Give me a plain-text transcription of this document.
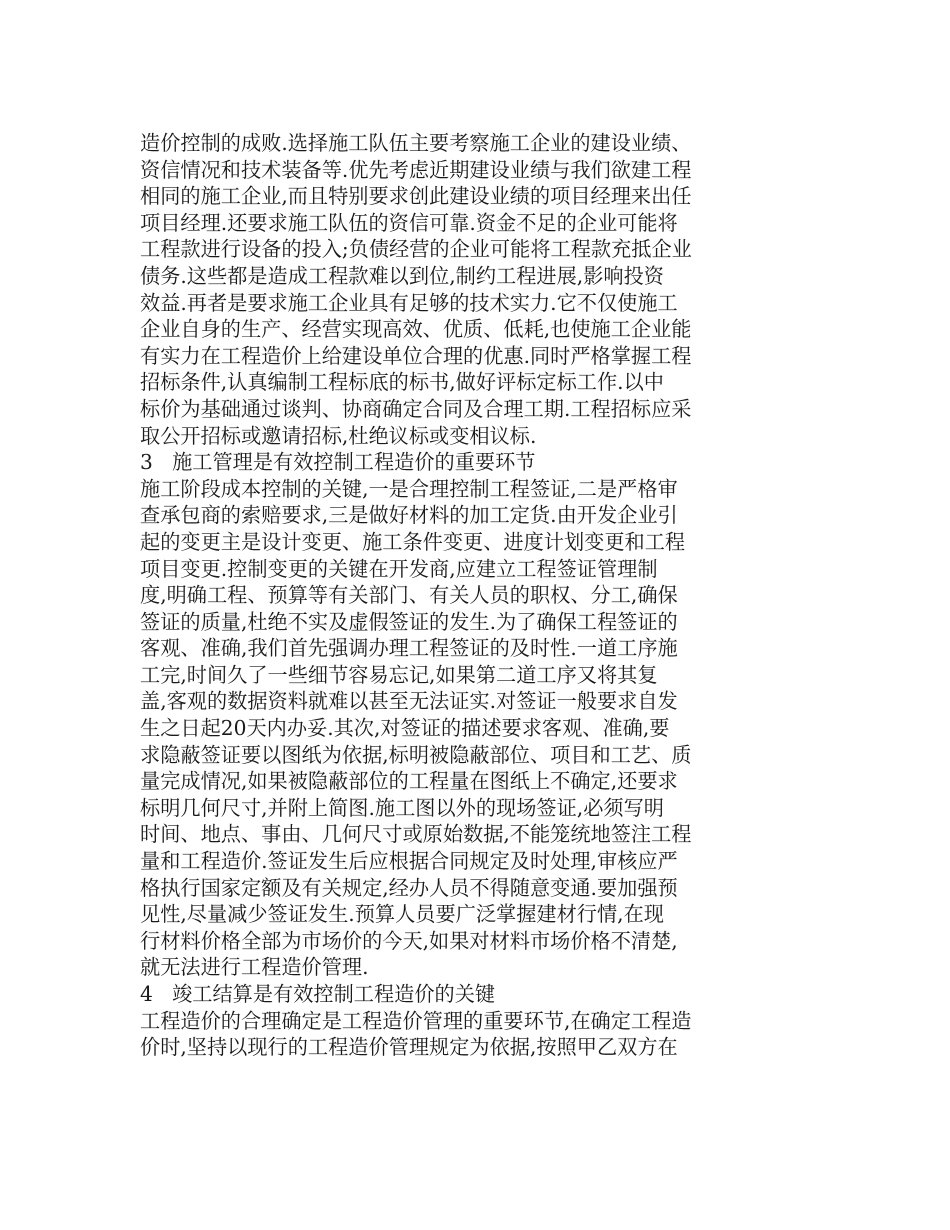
造价控制的成败.选择施工队伍主要考察施工企业的建设业绩、
资信情况和技术装备等.优先考虑近期建设业绩与我们欲建工程
相同的施工企业,而且特别要求创此建设业绩的项目经理来出任
项目经理.还要求施工队伍的资信可靠.资金不足的企业可能将
工程款进行设备的投入;负债经营的企业可能将工程款充抵企业
债务.这些都是造成工程款难以到位,制约工程进展,影响投资
效益.再者是要求施工企业具有足够的技术实力.它不仅使施工
企业自身的生产、经营实现高效、优质、低耗,也使施工企业能
有实力在工程造价上给建设单位合理的优惠.同时严格掌握工程
招标条件,认真编制工程标底的标书,做好评标定标工作.以中
标价为基础通过谈判、协商确定合同及合理工期.工程招标应采
取公开招标或邀请招标,杜绝议标或变相议标.
3   施工管理是有效控制工程造价的重要环节
施工阶段成本控制的关键,一是合理控制工程签证,二是严格审
查承包商的索赔要求,三是做好材料的加工定货.由开发企业引
起的变更主是设计变更、施工条件变更、进度计划变更和工程
项目变更.控制变更的关键在开发商,应建立工程签证管理制
度,明确工程、预算等有关部门、有关人员的职权、分工,确保
签证的质量,杜绝不实及虚假签证的发生.为了确保工程签证的
客观、准确,我们首先强调办理工程签证的及时性.一道工序施
工完,时间久了一些细节容易忘记,如果第二道工序又将其复
盖,客观的数据资料就难以甚至无法证实.对签证一般要求自发
生之日起20天内办妥.其次,对签证的描述要求客观、准确,要
求隐蔽签证要以图纸为依据,标明被隐蔽部位、项目和工艺、质
量完成情况,如果被隐蔽部位的工程量在图纸上不确定,还要求
标明几何尺寸,并附上简图.施工图以外的现场签证,必须写明
时间、地点、事由、几何尺寸或原始数据,不能笼统地签注工程
量和工程造价.签证发生后应根据合同规定及时处理,审核应严
格执行国家定额及有关规定,经办人员不得随意变通.要加强预
见性,尽量减少签证发生.预算人员要广泛掌握建材行情,在现
行材料价格全部为市场价的今天,如果对材料市场价格不清楚,
就无法进行工程造价管理.
4   竣工结算是有效控制工程造价的关键
工程造价的合理确定是工程造价管理的重要环节,在确定工程造
价时,坚持以现行的工程造价管理规定为依据,按照甲乙双方在
